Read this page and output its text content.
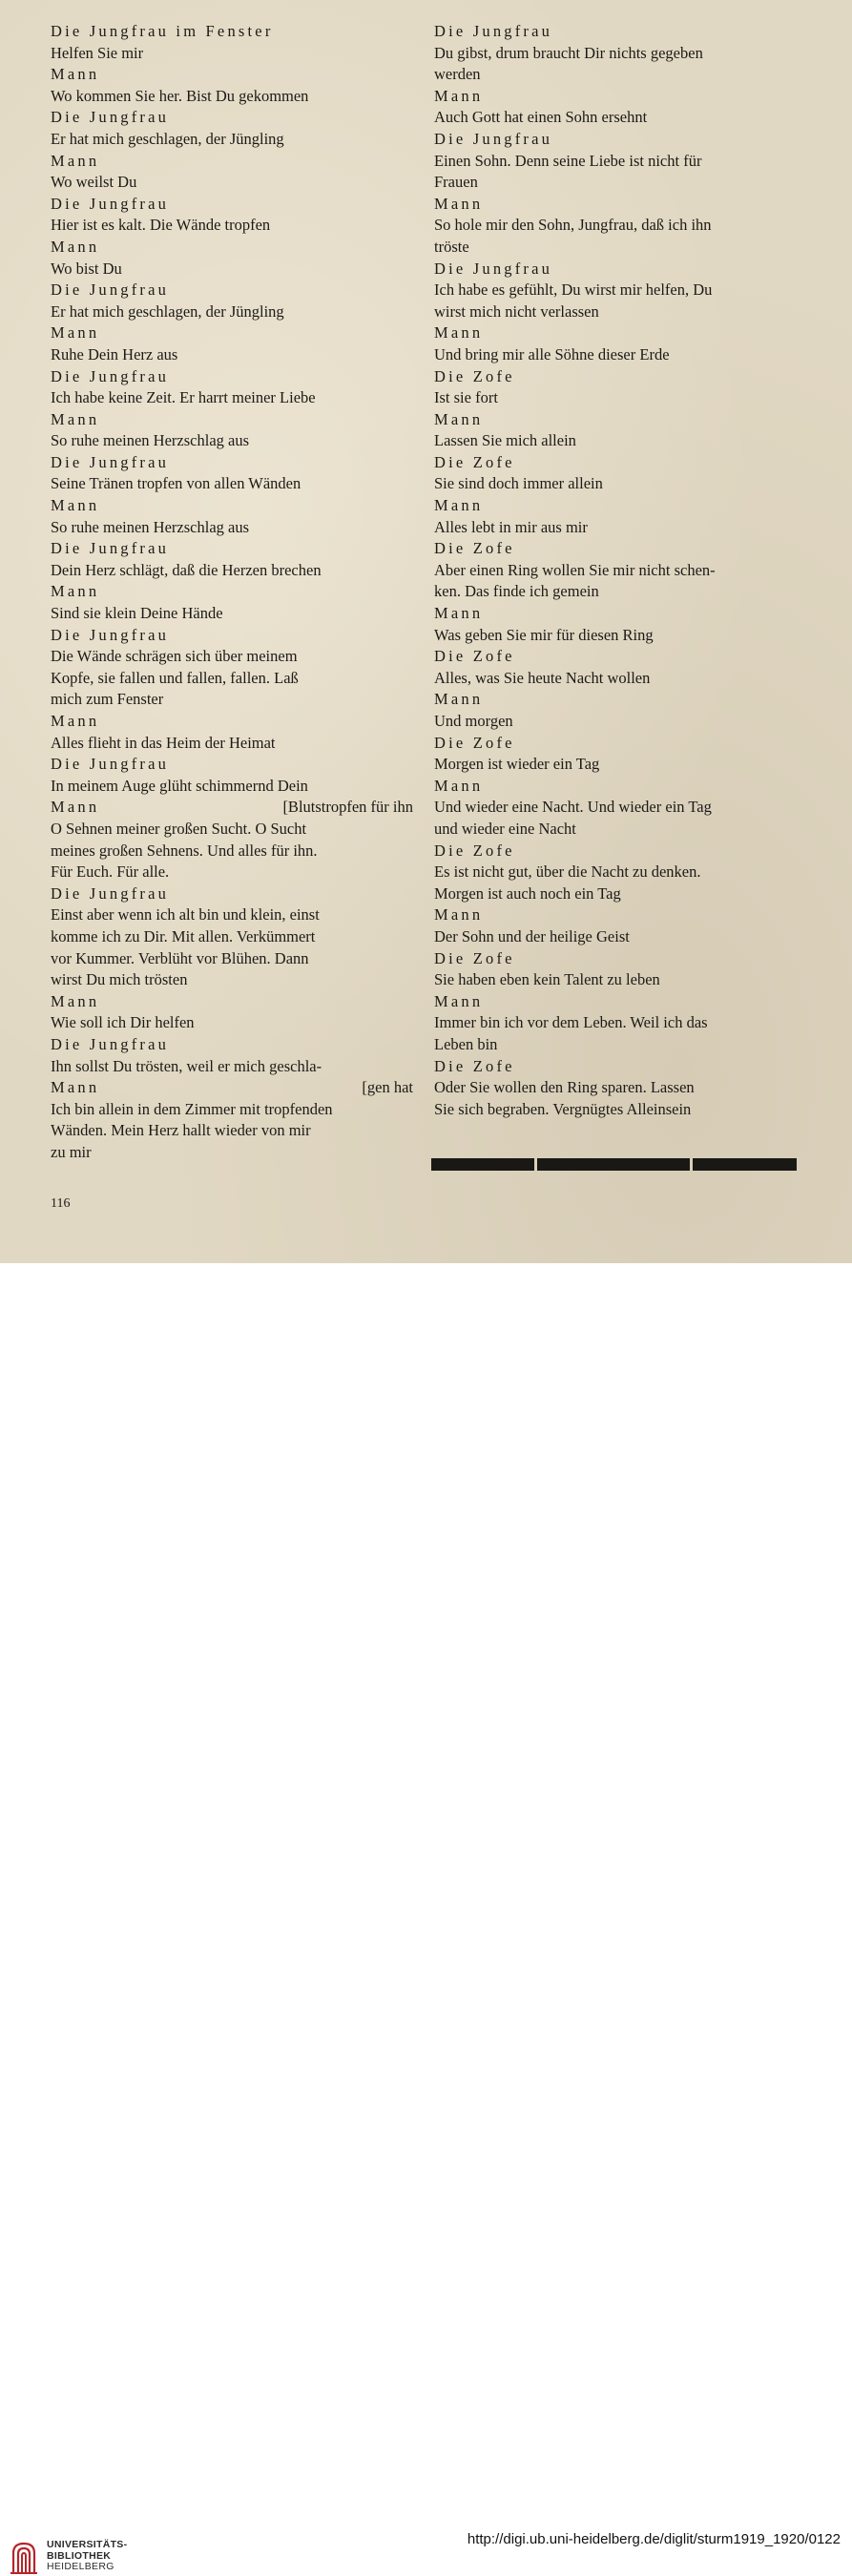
Die Jungfrau im Fenster
Helfen Sie mir
Mann
Wo kommen Sie her. Bist Du gekommen
Die Jungfrau
Er hat mich geschlagen, der Jüngling
Mann
Wo weilst Du
Die Jungfrau
Hier ist es kalt. Die Wände tropfen
Mann
Wo bist Du
Die Jungfrau
Er hat mich geschlagen, der Jüngling
Mann
Ruhe Dein Herz aus
Die Jungfrau
Ich habe keine Zeit. Er harrt meiner Liebe
Mann
So ruhe meinen Herzschlag aus
Die Jungfrau
Seine Tränen tropfen von allen Wänden
Mann
So ruhe meinen Herzschlag aus
Die Jungfrau
Dein Herz schlägt, daß die Herzen brechen
Mann
Sind sie klein Deine Hände
Die Jungfrau
Die Wände schrägen sich über meinem
Kopfe, sie fallen und fallen, fallen. Laß
mich zum Fenster
Mann
Alles flieht in das Heim der Heimat
Die Jungfrau
In meinem Auge glüht schimmernd Dein
Mann	[Blutstropfen für ihn
O Sehnen meiner großen Sucht. O Sucht
meines großen Sehnens. Und alles für ihn.
Für Euch. Für alle.
Die Jungfrau
Einst aber wenn ich alt bin und klein, einst
komme ich zu Dir. Mit allen. Verkümmert
vor Kummer. Verblüht vor Blühen. Dann
wirst Du mich trösten
Mann
Wie soll ich Dir helfen
Die Jungfrau
Ihn sollst Du trösten, weil er mich geschla-
Mann	[gen hat
Ich bin allein in dem Zimmer mit tropfenden
Wänden. Mein Herz hallt wieder von mir
zu mir
Die Jungfrau
Du gibst, drum braucht Dir nichts gegeben
werden
Mann
Auch Gott hat einen Sohn ersehnt
Die Jungfrau
Einen Sohn. Denn seine Liebe ist nicht für
Frauen
Mann
So hole mir den Sohn, Jungfrau, daß ich ihn
tröste
Die Jungfrau
Ich habe es gefühlt, Du wirst mir helfen, Du
wirst mich nicht verlassen
Mann
Und bring mir alle Söhne dieser Erde
Die Zofe
Ist sie fort
Mann
Lassen Sie mich allein
Die Zofe
Sie sind doch immer allein
Mann
Alles lebt in mir aus mir
Die Zofe
Aber einen Ring wollen Sie mir nicht schen-
ken. Das finde ich gemein
Mann
Was geben Sie mir für diesen Ring
Die Zofe
Alles, was Sie heute Nacht wollen
Mann
Und morgen
Die Zofe
Morgen ist wieder ein Tag
Mann
Und wieder eine Nacht. Und wieder ein Tag
und wieder eine Nacht
Die Zofe
Es ist nicht gut, über die Nacht zu denken.
Morgen ist auch noch ein Tag
Mann
Der Sohn und der heilige Geist
Die Zofe
Sie haben eben kein Talent zu leben
Mann
Immer bin ich vor dem Leben. Weil ich das
Leben bin
Die Zofe
Oder Sie wollen den Ring sparen. Lassen
Sie sich begraben. Vergnügtes Alleinsein
116
UNIVERSITÄTS-
BIBLIOTHEK
HEIDELBERG
http://digi.ub.uni-heidelberg.de/diglit/sturm1919_1920/0122
